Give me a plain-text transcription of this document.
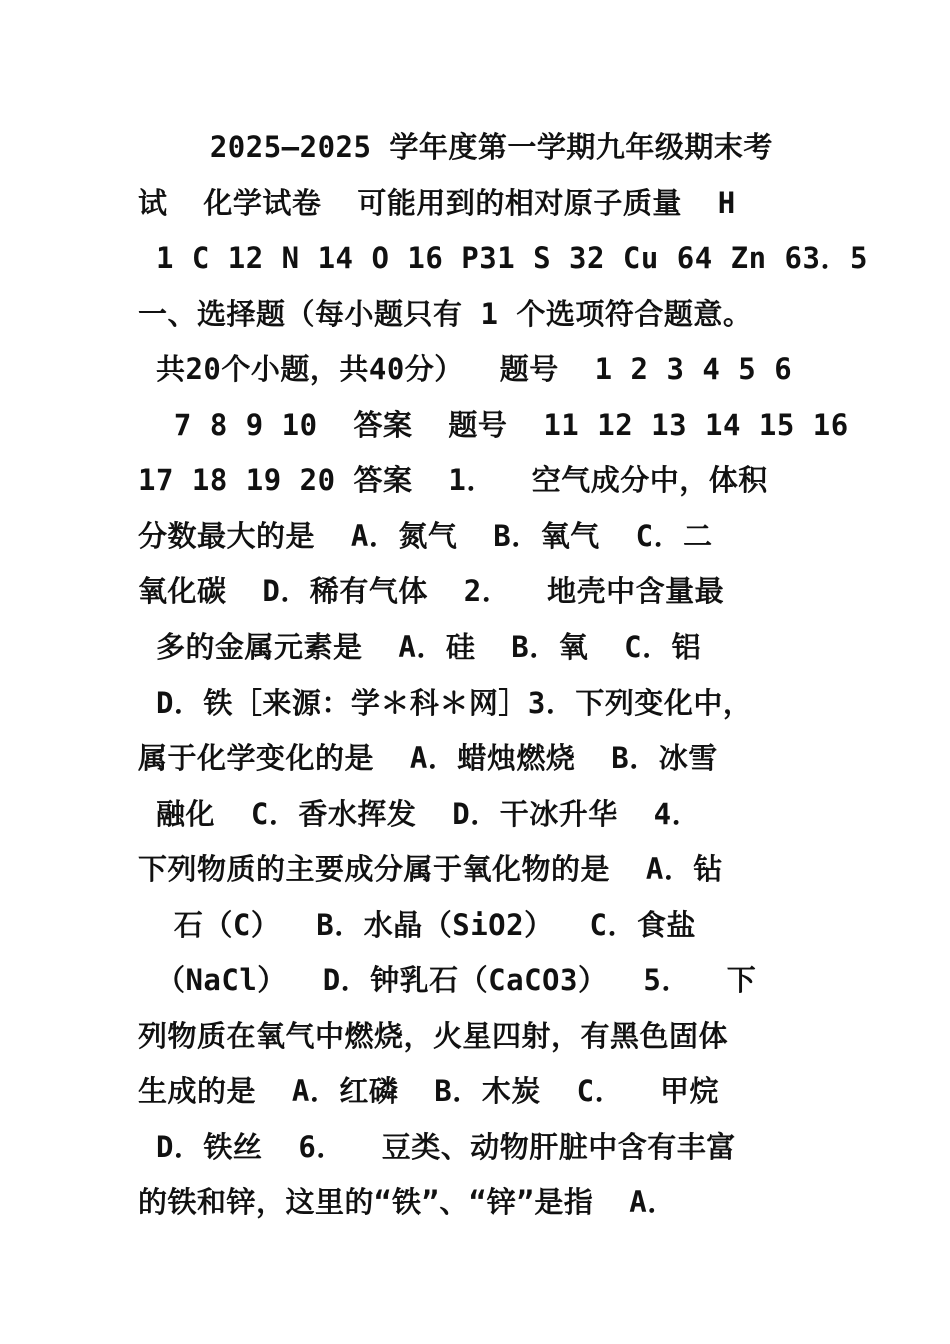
2025—2025 学年度第一学期九年级期末考
试  化学试卷  可能用到的相对原子质量  H
1 C 12 N 14 O 16 P31 S 32 Cu 64 Zn 63．5
一、选择题（每小题只有 1 个选项符合题意。
共20个小题，共40分）  题号  1 2 3 4 5 6
7 8 9 10  答案  题号  11 12 13 14 15 16
17 18 19 20 答案  1．  空气成分中，体积
分数最大的是  A．氮气  B．氧气  C．二
氧化碳  D．稀有气体  2．  地壳中含量最
多的金属元素是  A．硅  B．氧  C．铝
D．铁［来源：学＊科＊网］3．下列变化中，
属于化学变化的是  A．蜡烛燃烧  B．冰雪
融化  C．香水挥发  D．干冰升华  4．
下列物质的主要成分属于氧化物的是  A．钻
石（C）  B．水晶（SiO2）  C．食盐
（NaCl）  D．钟乳石（CaCO3）  5．  下
列物质在氧气中燃烧，火星四射，有黑色固体
生成的是  A．红磷  B．木炭  C．  甲烷
D．铁丝  6．  豆类、动物肝脏中含有丰富
的铁和锌，这里的“铁”、“锌”是指  A．
